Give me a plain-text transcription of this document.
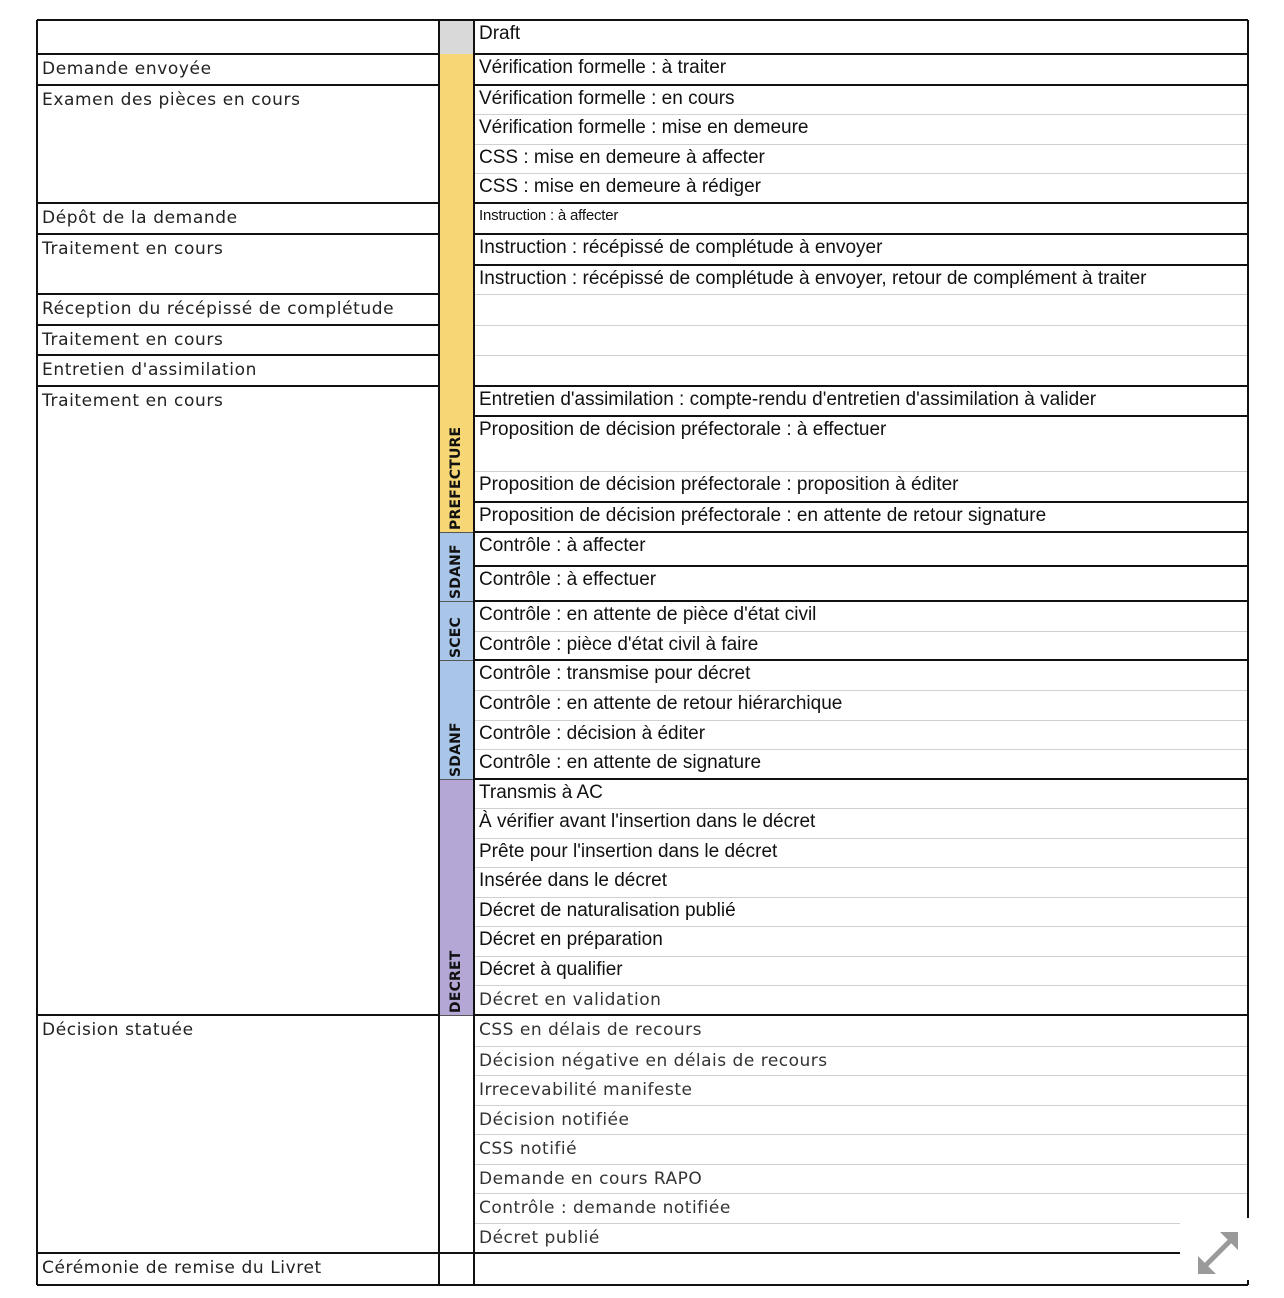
PREFECTURE
SDANF
SCEC
SDANF
DECRET
Demande envoyée
Examen des pièces en cours
Dépôt de la demande
Traitement en cours
Réception du récépissé de complétude
Traitement en cours
Entretien d'assimilation
Traitement en cours
Décision statuée
Cérémonie de remise du Livret
Draft
Vérification formelle : à traiter
Vérification formelle : en cours
Vérification formelle : mise en demeure
CSS : mise en demeure à affecter
CSS : mise en demeure à rédiger
Instruction : à affecter
Instruction : récépissé de complétude à envoyer
Instruction : récépissé de complétude à envoyer, retour de complément à traiter
Entretien d'assimilation : compte-rendu d'entretien d'assimilation à valider
Proposition de décision préfectorale : à effectuer
Proposition de décision préfectorale : proposition à éditer
Proposition de décision préfectorale : en attente de retour signature
Contrôle : à affecter
Contrôle : à effectuer
Contrôle : en attente de pièce d'état civil
Contrôle : pièce d'état civil à faire
Contrôle : transmise pour décret
Contrôle : en attente de retour hiérarchique
Contrôle : décision à éditer
Contrôle : en attente de signature
Transmis à AC
À vérifier avant l'insertion dans le décret
Prête pour l'insertion dans le décret
Insérée dans le décret
Décret de naturalisation publié
Décret en préparation
Décret à qualifier
Décret en validation
CSS en délais de recours
Décision négative en délais de recours
Irrecevabilité manifeste
Décision notifiée
CSS notifié
Demande en cours RAPO
Contrôle : demande notifiée
Décret publié
